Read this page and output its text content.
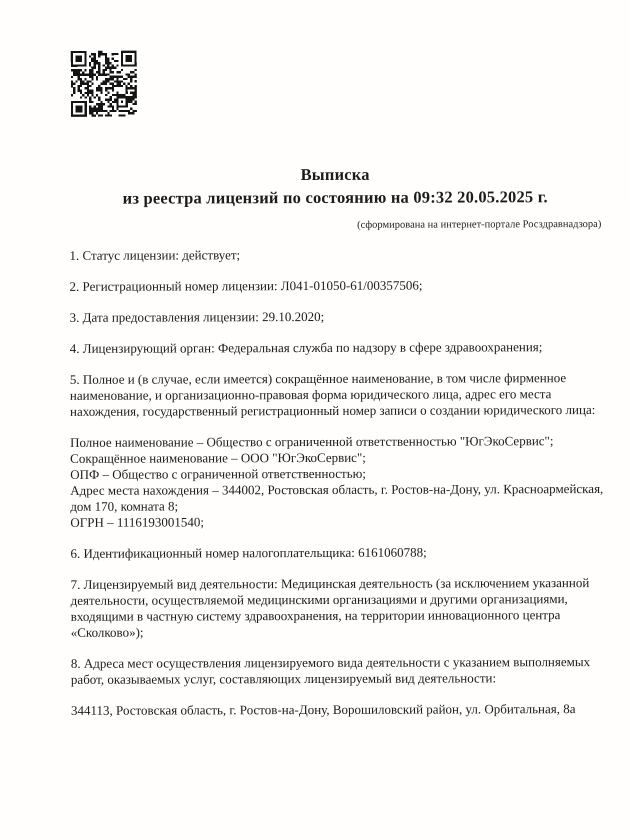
Выписка
из реестра лицензий по состоянию на 09:32 20.05.2025 г.
(сформирована на интернет-портале Росздравнадзора)

1. Статус лицензии: действует;

2. Регистрационный номер лицензии: Л041-01050-61/00357506;

3. Дата предоставления лицензии: 29.10.2020;

4. Лицензирующий орган: Федеральная служба по надзору в сфере здравоохранения;

5. Полное и (в случае, если имеется) сокращённое наименование, в том числе фирменное
наименование, и организационно-правовая форма юридического лица, адрес его места
нахождения, государственный регистрационный номер записи о создании юридического лица:

Полное наименование – Общество с ограниченной ответственностью "ЮгЭкоСервис";
Сокращённое наименование – ООО "ЮгЭкоСервис";
ОПФ – Общество с ограниченной ответственностью;
Адрес места нахождения – 344002, Ростовская область, г. Ростов-на-Дону, ул. Красноармейская,
дом 170, комната 8;
ОГРН – 1116193001540;

6. Идентификационный номер налогоплательщика: 6161060788;

7. Лицензируемый вид деятельности: Медицинская деятельность (за исключением указанной
деятельности, осуществляемой медицинскими организациями и другими организациями,
входящими в частную систему здравоохранения, на территории инновационного центра
«Сколково»);

8. Адреса мест осуществления лицензируемого вида деятельности с указанием выполняемых
работ, оказываемых услуг, составляющих лицензируемый вид деятельности:

344113, Ростовская область, г. Ростов-на-Дону, Ворошиловский район, ул. Орбитальная, 8а
